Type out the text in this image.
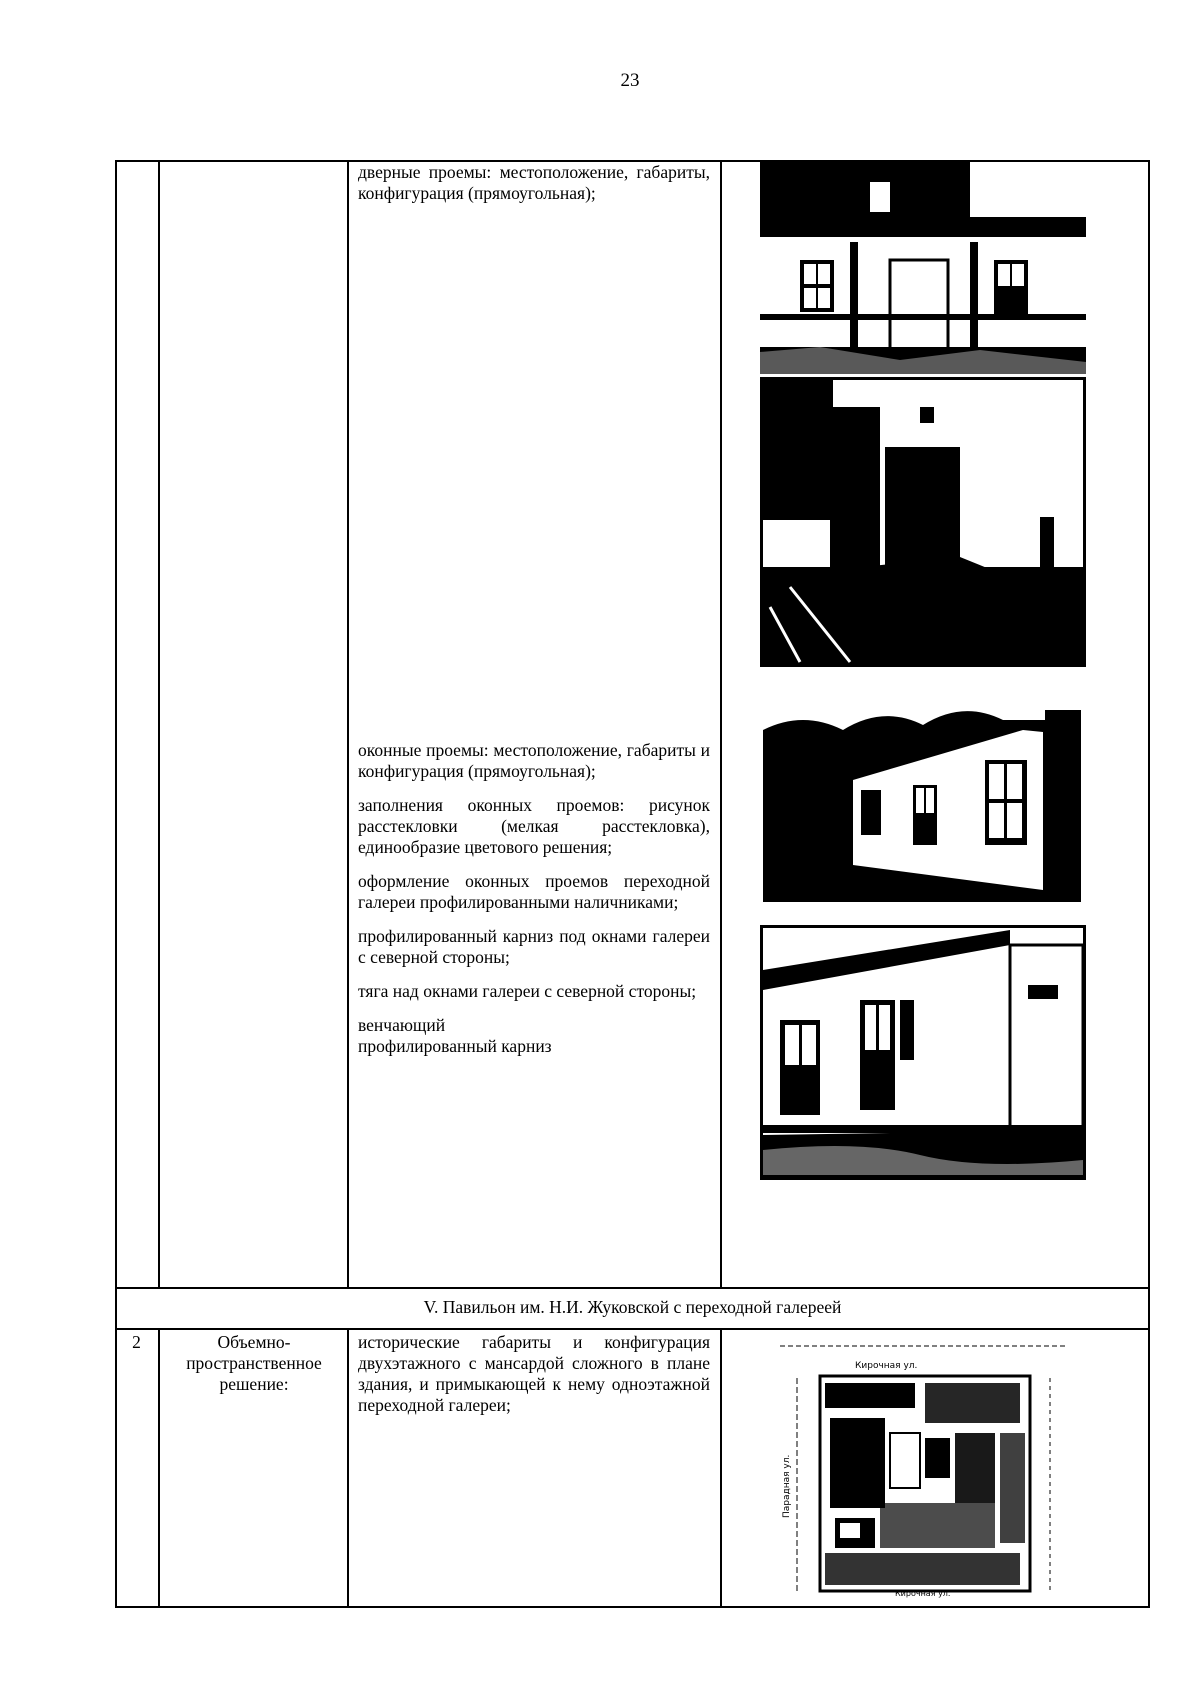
23

дверные проемы: местоположение, габариты, конфигурация (прямоугольная);

оконные проемы: местоположение, габариты и конфигурация (прямоугольная);

заполнения оконных проемов: рисунок расстекловки (мелкая расстекловка), единообразие цветового решения;

оформление оконных проемов переходной галереи профилированными наличниками;

профилированный карниз под окнами галереи с северной стороны;

тяга над окнами галереи с северной стороны;

венчающий
профилированный карниз

V. Павильон им. Н.И. Жуковской с переходной галереей
2	Объемно-пространственное решение:
исторические габариты и конфигурация двухэтажного с мансардой сложного в плане здания, и примыкающей к нему одноэтажной переходной галереи;
Кирочная ул.
Парадная ул.
Кирочная ул.
